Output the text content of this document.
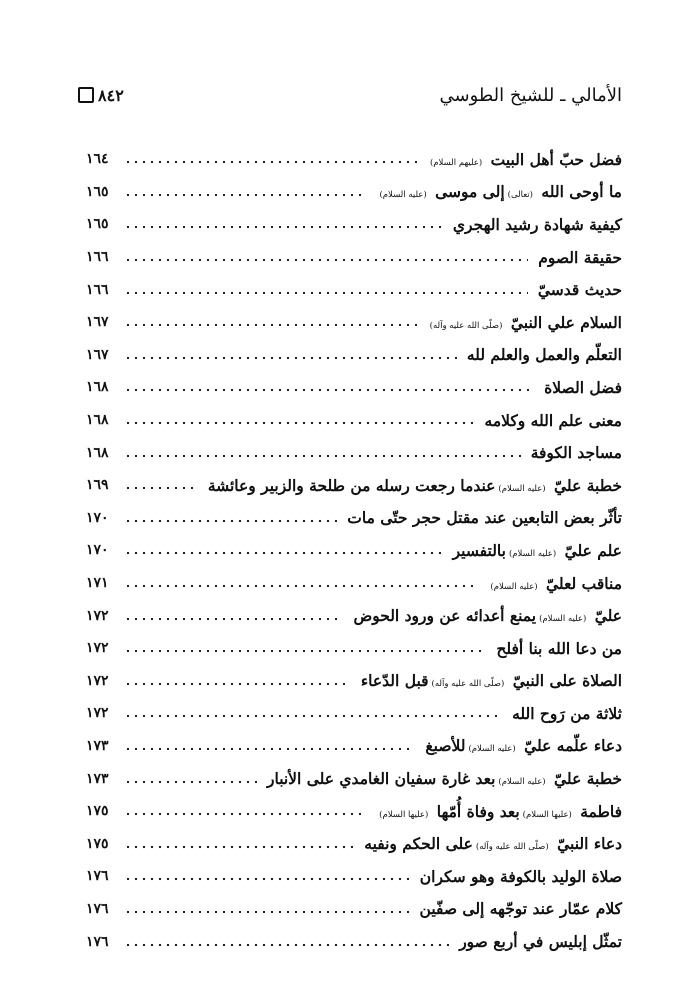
٨٤٢	الأمالي ـ للشيخ الطوسي
فضل حبّ أهل البيت (عليهم السلام)
١٦٤
ما أوحى الله (تعالى)إلى موسى (عليه السلام)
١٦٥
كيفية شهادة رشيد الهجري
١٦٥
حقيقة الصوم
١٦٦
حديث قدسيّ
١٦٦
السلام علي النبيّ (صلّى الله عليه وآله)
١٦٧
التعلّم والعمل والعلم لله
١٦٧
فضل الصلاة
١٦٨
معنى علم الله وكلامه
١٦٨
مساجد الكوفة
١٦٨
خطبة عليّ (عليه السلام)عندما رجعت رسله من طلحة والزبير وعائشة
١٦٩
تأثّر بعض التابعين عند مقتل حجر حتّى مات
١٧٠
علم عليّ (عليه السلام)بالتفسير
١٧٠
مناقب لعليّ (عليه السلام)
١٧١
عليّ (عليه السلام)يمنع أعدائه عن ورود الحوض
١٧٢
من دعا الله بنا أفلح
١٧٢
الصلاة على النبيّ (صلّى الله عليه وآله)قبل الدّعاء
١٧٢
ثلاثة من رَوح الله
١٧٢
دعاء علّمه عليّ (عليه السلام)للأصبغ
١٧٣
خطبة عليّ (عليه السلام)بعد غارة سفيان الغامدي على الأنبار
١٧٣
فاطمة (عليها السلام)بعد وفاة أُمّها (عليها السلام)
١٧٥
دعاء النبيّ (صلّى الله عليه وآله)على الحكم ونفيه
١٧٥
صلاة الوليد بالكوفة وهو سكران
١٧٦
كلام عمّار عند توجّهه إلى صفّين
١٧٦
تمثّل إبليس في أربع صور
١٧٦
